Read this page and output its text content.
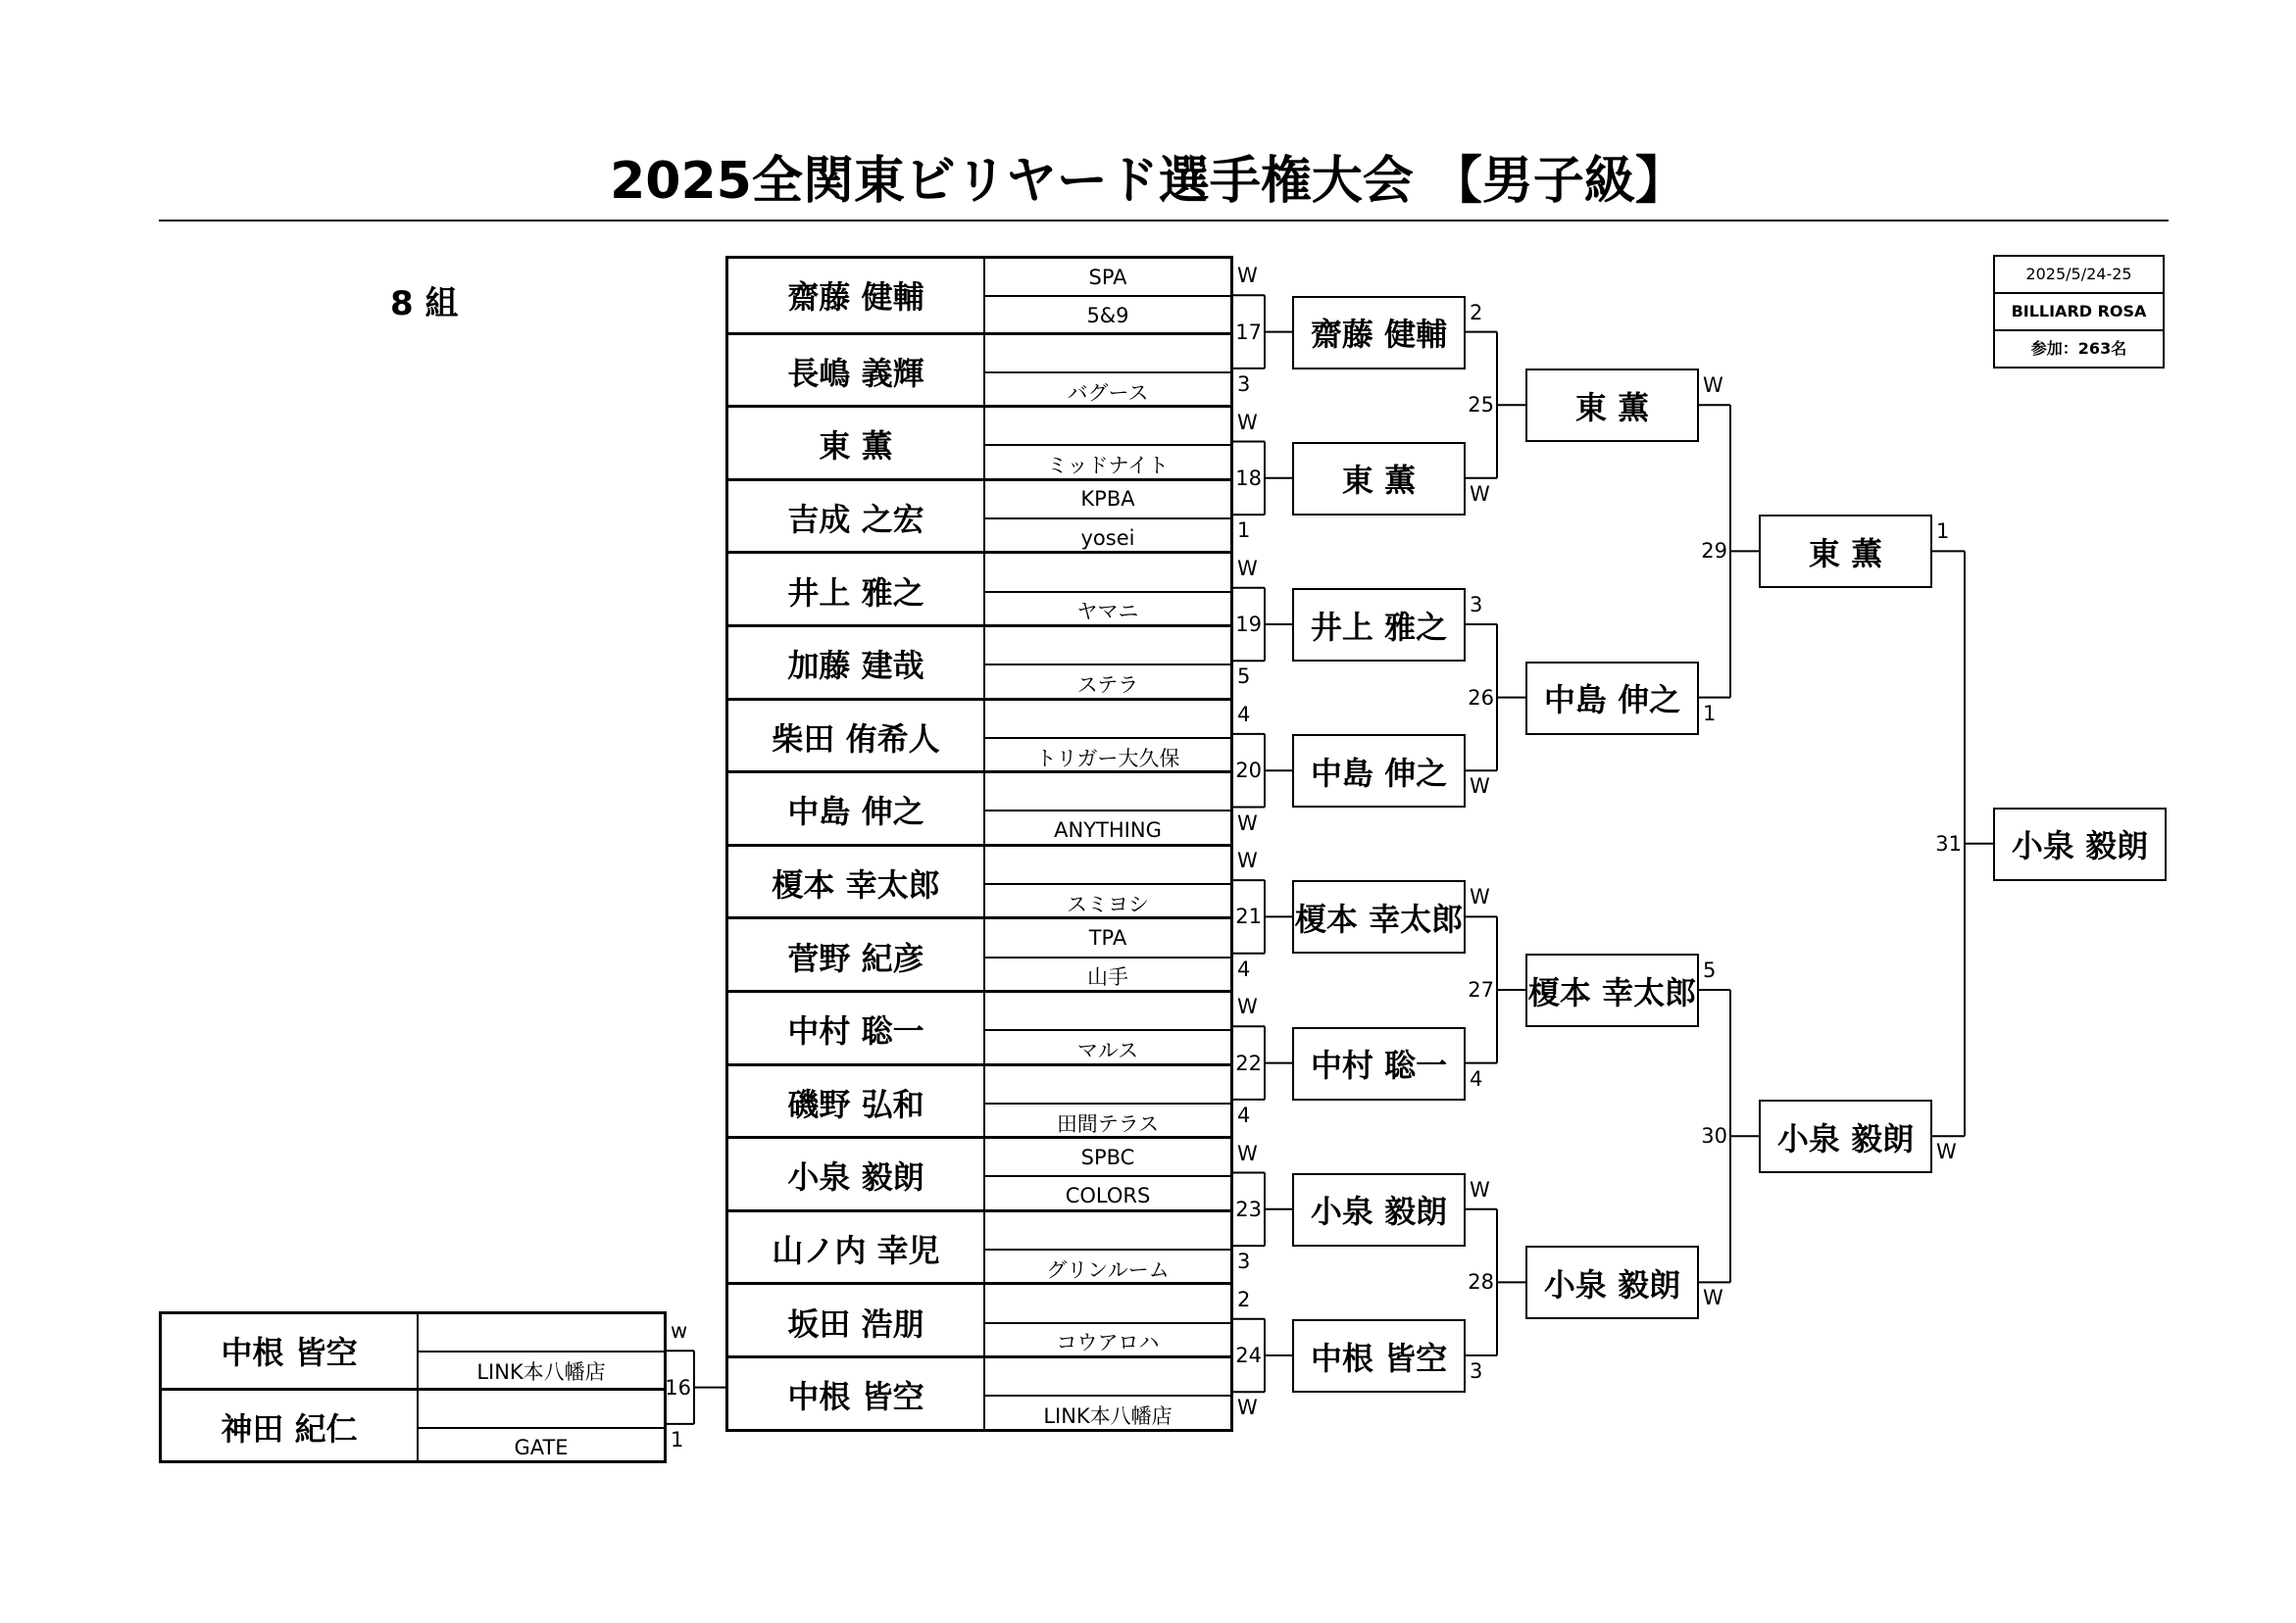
2025全関東ビリヤード選手権大会 【男子級】
8 組
2025/5/24-25
BILLIARD ROSA
参加：263名
中根 皆空
LINK本八幡店
神田 紀仁	GATE
齋藤 健輔
SPA
5&9
長嶋 義輝
バグース
東 薫
ミッドナイト
吉成 之宏
KPBA
yosei
井上 雅之
ヤマニ
加藤 建哉
ステラ
柴田 侑希人
トリガー大久保
中島 伸之	ANYTHING
榎本 幸太郎
スミヨシ
菅野 紀彦
TPA
山手
中村 聡一
マルス
磯野 弘和
田間テラス
小泉 毅朗
SPBC
COLORS
山ノ内 幸児
グリンルーム
坂田 浩朋
コウアロハ
中根 皆空
LINK本八幡店
W
3
17
W
1
18
W
5
19
4
W
20
W
4
21
W
4
22
W
3
23
2
W
24
2
W
25
3
W
26
W
4
27
W
3
28
W
1
29
5
W
30
1
W
31
w
1
16
齋藤 健輔
東 薫
井上 雅之
中島 伸之
榎本 幸太郎
中村 聡一
小泉 毅朗
中根 皆空
東 薫
中島 伸之
榎本 幸太郎
小泉 毅朗
東 薫
小泉 毅朗
小泉 毅朗
